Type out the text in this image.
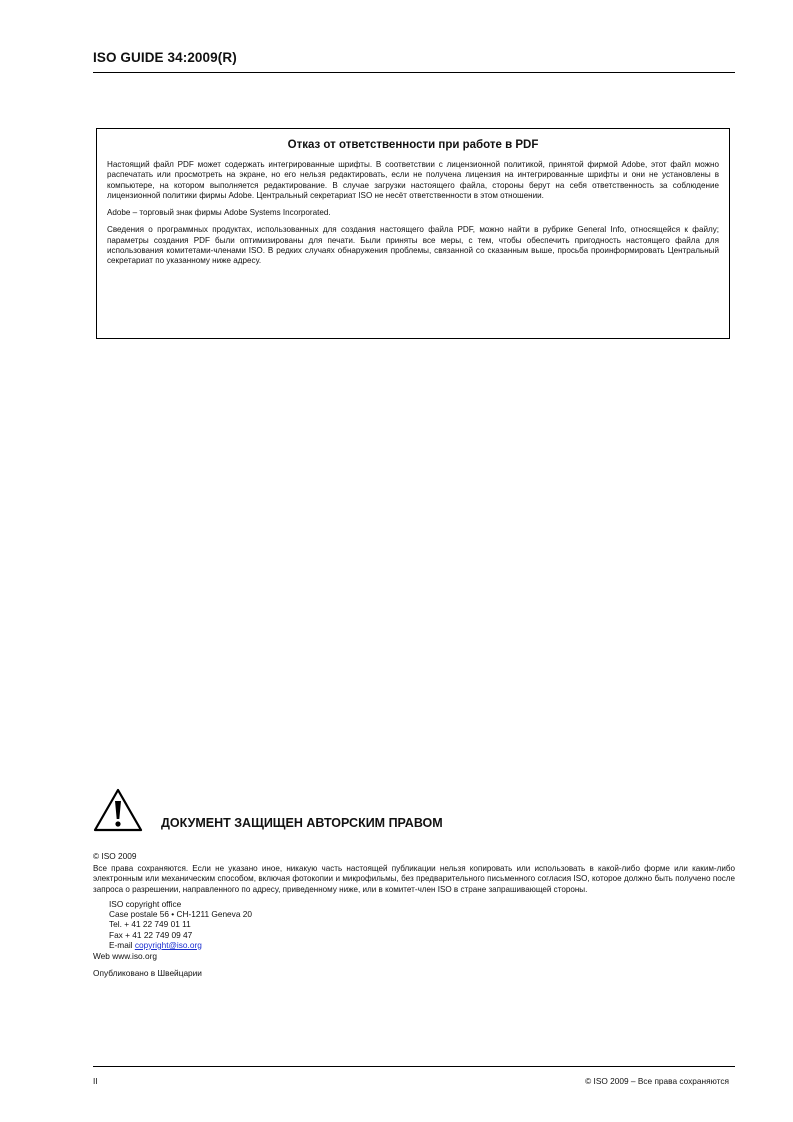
ISO GUIDE 34:2009(R)
Отказ от ответственности при работе в PDF

Настоящий файл PDF может содержать интегрированные шрифты. В соответствии с лицензионной политикой, принятой фирмой Adobe, этот файл можно распечатать или просмотреть на экране, но его нельзя редактировать, если не получена лицензия на интегрированные шрифты и они не установлены в компьютере, на котором выполняется редактирование. В случае загрузки настоящего файла, стороны берут на себя ответственность за соблюдение лицензионной политики фирмы Adobe. Центральный секретариат ISO не несёт ответственности в этом отношении.

Adobe – торговый знак фирмы Adobe Systems Incorporated.

Сведения о программных продуктах, использованных для создания настоящего файла PDF, можно найти в рубрике General Info, относящейся к файлу; параметры создания PDF были оптимизированы для печати. Были приняты все меры, с тем, чтобы обеспечить пригодность настоящего файла для использования комитетами-членами ISO. В редких случаях обнаружения проблемы, связанной со сказанным выше, просьба проинформировать Центральный секретариат по указанному ниже адресу.

ДОКУМЕНТ ЗАЩИЩЕН АВТОРСКИМ ПРАВОМ
© ISO 2009
Все права сохраняются. Если не указано иное, никакую часть настоящей публикации нельзя копировать или использовать в какой-либо форме или каким-либо электронным или механическим способом, включая фотокопии и микрофильмы, без предварительного письменного согласия ISO, которое должно быть получено после запроса о разрешении, направленного по адресу, приведенному ниже, или в комитет-член ISO в стране запрашивающей стороны.
ISO copyright office
Case postale 56 • CH-1211 Geneva 20
Tel. + 41 22 749 01 11
Fax + 41 22 749 09 47
E-mail copyright@iso.org
Web www.iso.org
Опубликовано в Швейцарии
II	© ISO 2009 – Все права сохраняются
